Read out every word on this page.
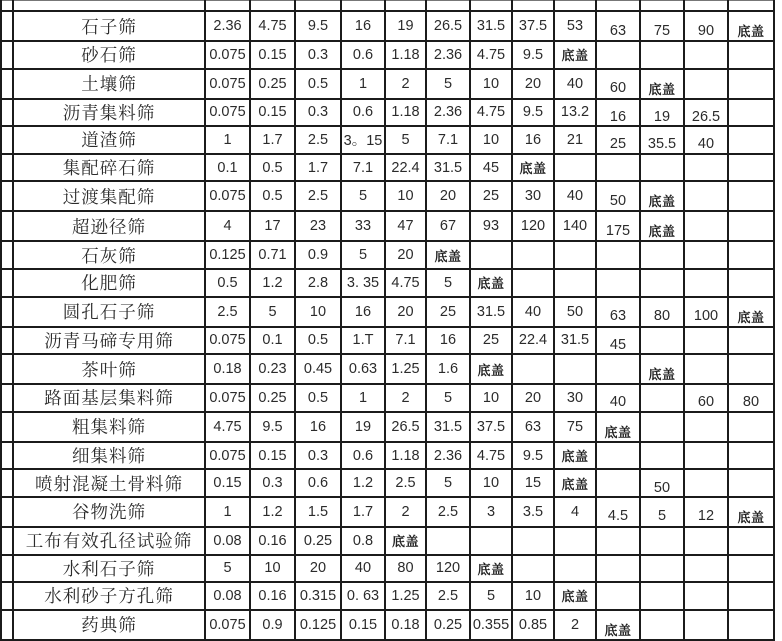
	石子筛	2.36	4.75	9.5	16	19	26.5	31.5	37.5	53	63	75	90	底盖
	砂石筛	0.075	0.15	0.3	0.6	1.18	2.36	4.75	9.5	底盖				
	土壤筛	0.075	0.25	0.5	1	2	5	10	20	40	60	底盖		
	沥青集料筛	0.075	0.15	0.3	0.6	1.18	2.36	4.75	9.5	13.2	16	19	26.5	
	道渣筛	1	1.7	2.5	3。15	5	7.1	10	16	21	25	35.5	40	
	集配碎石筛	0.1	0.5	1.7	7.1	22.4	31.5	45	底盖					
	过渡集配筛	0.075	0.5	2.5	5	10	20	25	30	40	50	底盖		
	超逊径筛	4	17	23	33	47	67	93	120	140	175	底盖		
	石灰筛	0.125	0.71	0.9	5	20	底盖							
	化肥筛	0.5	1.2	2.8	3. 35	4.75	5	底盖						
	圆孔石子筛	2.5	5	10	16	20	25	31.5	40	50	63	80	100	底盖
	沥青马碲专用筛	0.075	0.1	0.5	1.T	7.1	16	25	22.4	31.5	45			
	茶叶筛	0.18	0.23	0.45	0.63	1.25	1.6	底盖				底盖		
	路面基层集料筛	0.075	0.25	0.5	1	2	5	10	20	30	40		60	80
	粗集料筛	4.75	9.5	16	19	26.5	31.5	37.5	63	75	底盖			
	细集料筛	0.075	0.15	0.3	0.6	1.18	2.36	4.75	9.5	底盖				
	喷射混凝土骨料筛	0.15	0.3	0.6	1.2	2.5	5	10	15	底盖		50		
	谷物洗筛	1	1.2	1.5	1.7	2	2.5	3	3.5	4	4.5	5	12	底盖
	工布有效孔径试验筛	0.08	0.16	0.25	0.8	底盖								
	水利石子筛	5	10	20	40	80	120	底盖						
	水利砂子方孔筛	0.08	0.16	0.315	0. 63	1.25	2.5	5	10	底盖				
	药典筛	0.075	0.9	0.125	0.15	0.18	0.25	0.355	0.85	2	底盖			
